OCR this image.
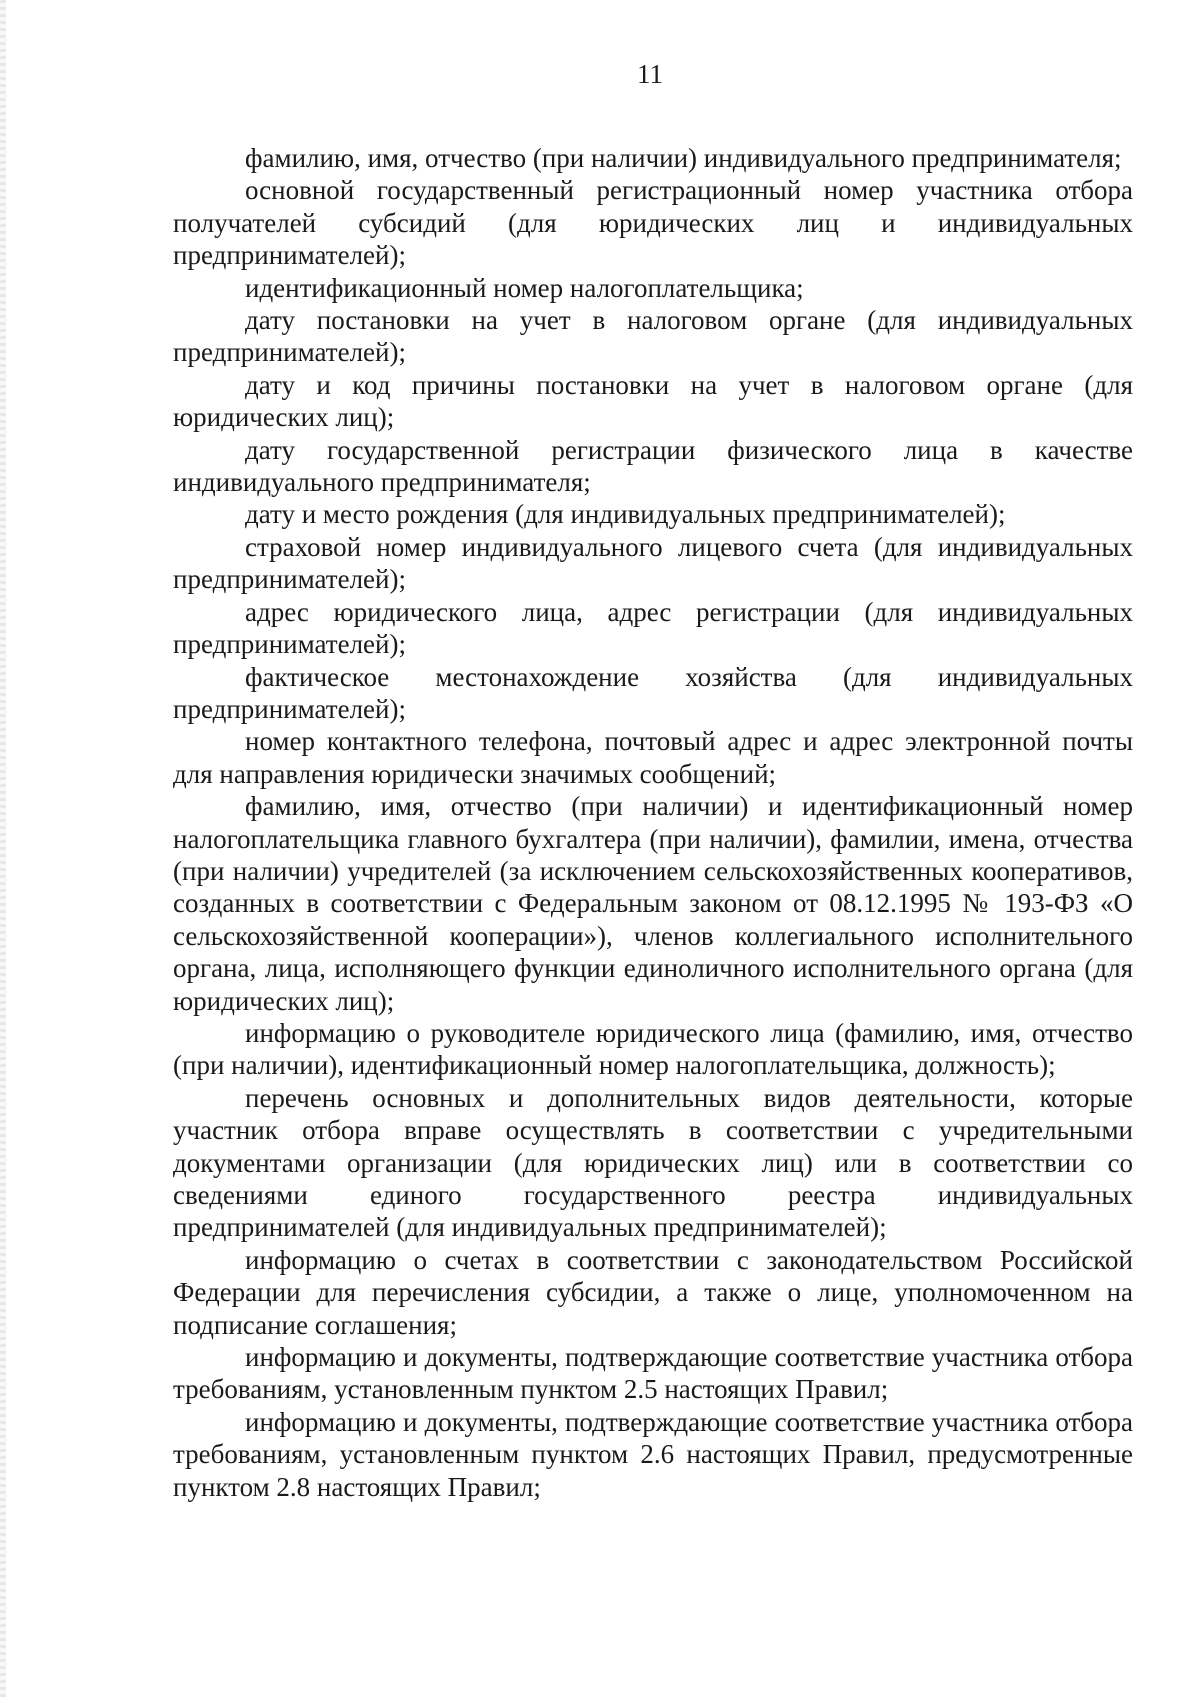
11

фамилию, имя, отчество (при наличии) индивидуального предпринимателя;

основной государственный регистрационный номер участника отбора получателей субсидий (для юридических лиц и индивидуальных предпринимателей);

идентификационный номер налогоплательщика;

дату постановки на учет в налоговом органе (для индивидуальных предпринимателей);

дату и код причины постановки на учет в налоговом органе (для юридических лиц);

дату государственной регистрации физического лица в качестве индивидуального предпринимателя;

дату и место рождения (для индивидуальных предпринимателей);

страховой номер индивидуального лицевого счета (для индивидуальных предпринимателей);

адрес юридического лица, адрес регистрации (для индивидуальных предпринимателей);

фактическое местонахождение хозяйства (для индивидуальных предпринимателей);

номер контактного телефона, почтовый адрес и адрес электронной почты для направления юридически значимых сообщений;

фамилию, имя, отчество (при наличии) и идентификационный номер налогоплательщика главного бухгалтера (при наличии), фамилии, имена, отчества (при наличии) учредителей (за исключением сельскохозяйственных кооперативов, созданных в соответствии с Федеральным законом от 08.12.1995 № 193-ФЗ «О сельскохозяйственной кооперации»), членов коллегиального исполнительного органа, лица, исполняющего функции единоличного исполнительного органа (для юридических лиц);

информацию о руководителе юридического лица (фамилию, имя, отчество (при наличии), идентификационный номер налогоплательщика, должность);

перечень основных и дополнительных видов деятельности, которые участник отбора вправе осуществлять в соответствии с учредительными документами организации (для юридических лиц) или в соответствии со сведениями единого государственного реестра индивидуальных предпринимателей (для индивидуальных предпринимателей);

информацию о счетах в соответствии с законодательством Российской Федерации для перечисления субсидии, а также о лице, уполномоченном на подписание соглашения;

информацию и документы, подтверждающие соответствие участника отбора требованиям, установленным пунктом 2.5 настоящих Правил;

информацию и документы, подтверждающие соответствие участника отбора требованиям, установленным пунктом 2.6 настоящих Правил, предусмотренные пунктом 2.8 настоящих Правил;
